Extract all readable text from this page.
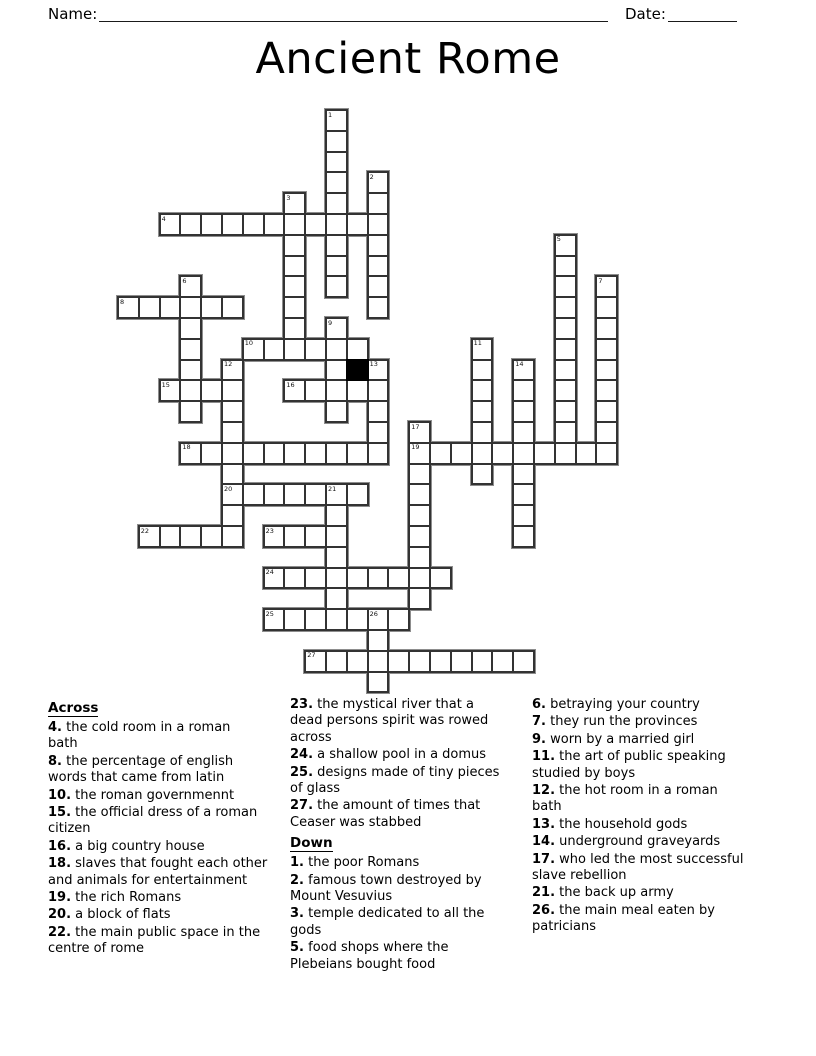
Name:	Date:
Ancient Rome
1
2
3
4
5
6	7
8
9
10	11
12	13	14
15	16
17
18	19
20	21
22	23
24
25	26
27
Across
4. the cold room in a roman
bath
8. the percentage of english
words that came from latin
10. the roman governmennt
15. the official dress of a roman
citizen
16. a big country house
18. slaves that fought each other
and animals for entertainment
19. the rich Romans
20. a block of flats
22. the main public space in the
centre of rome
23. the mystical river that a
dead persons spirit was rowed
across
24. a shallow pool in a domus
25. designs made of tiny pieces
of glass
27. the amount of times that
Ceaser was stabbed
Down
1. the poor Romans
2. famous town destroyed by
Mount Vesuvius
3. temple dedicated to all the
gods
5. food shops where the
Plebeians bought food
6. betraying your country
7. they run the provinces
9. worn by a married girl
11. the art of public speaking
studied by boys
12. the hot room in a roman
bath
13. the household gods
14. underground graveyards
17. who led the most successful
slave rebellion
21. the back up army
26. the main meal eaten by
patricians
